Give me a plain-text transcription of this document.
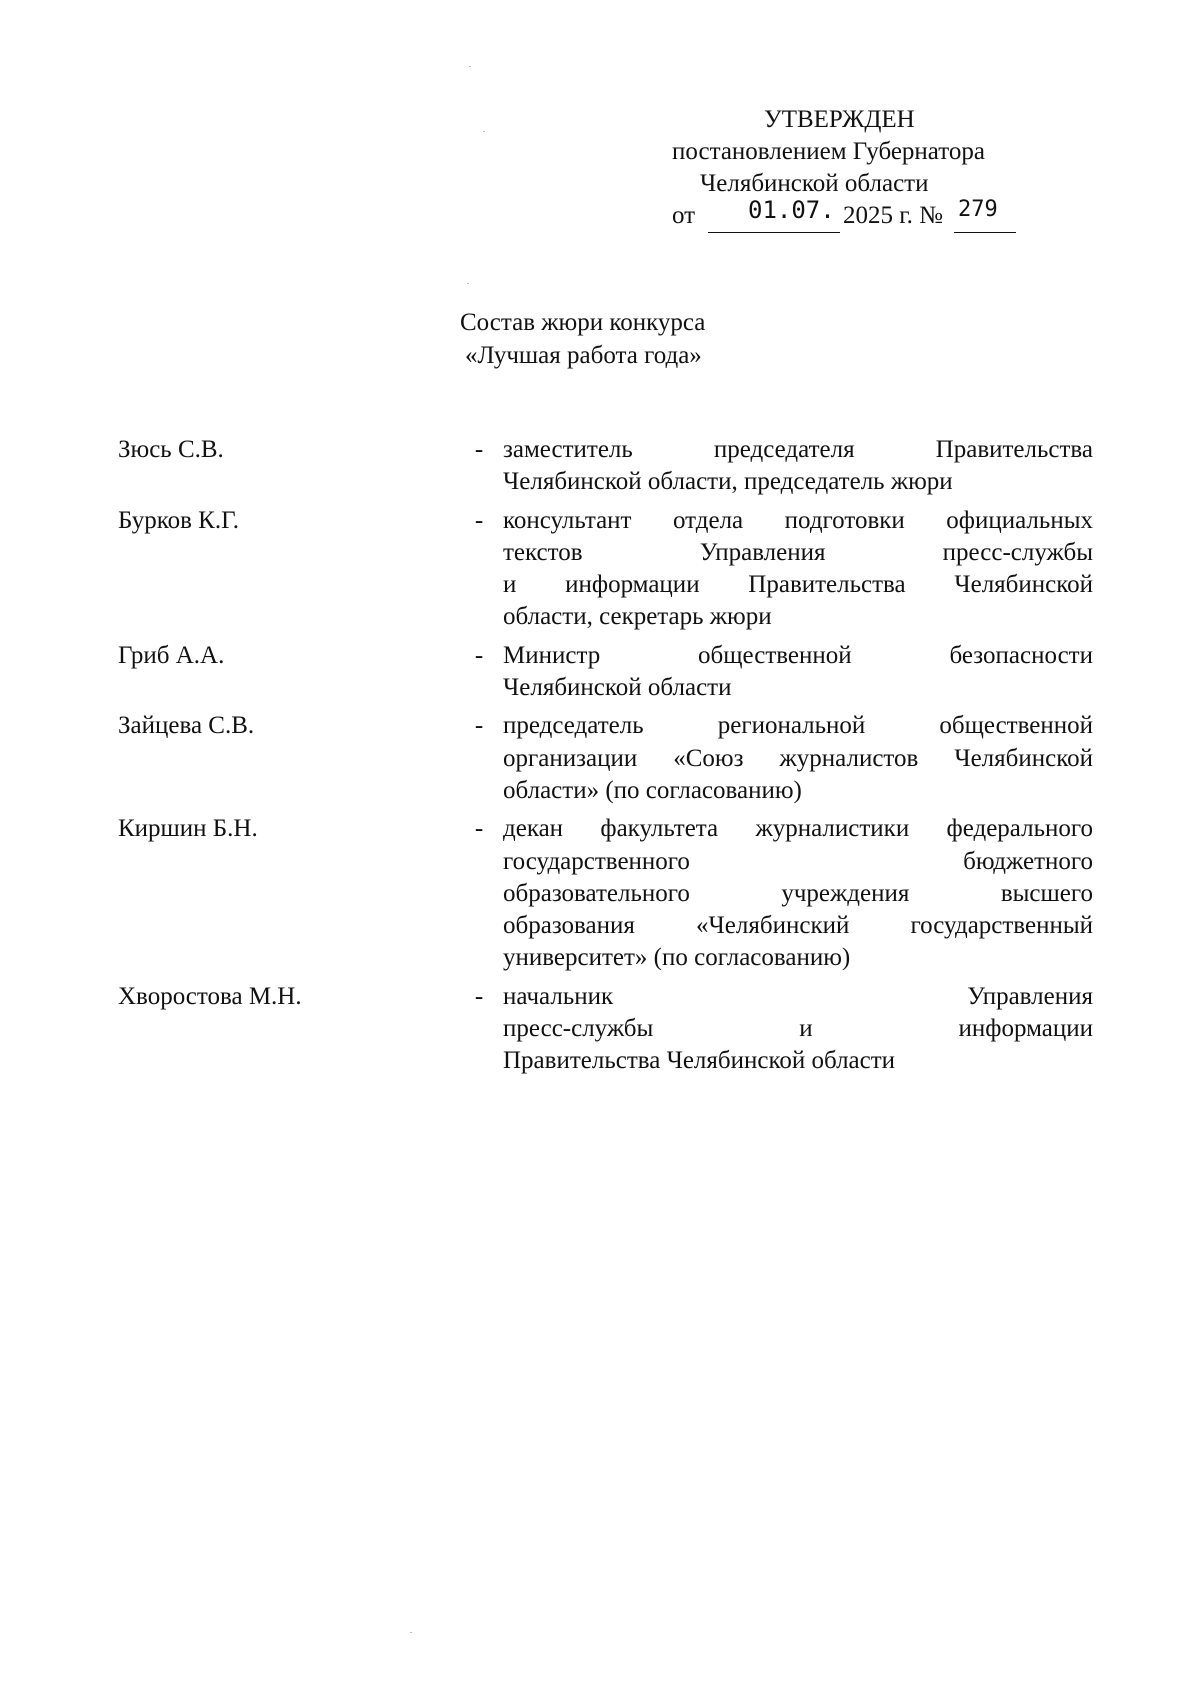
УТВЕРЖДЕН
постановлением Губернатора
Челябинской области
от 01.07. 2025 г. № 279
Состав жюри конкурса
«Лучшая работа года»
Зюсь С.В.	- заместитель председателя Правительства
Челябинской области, председатель жюри
Бурков К.Г.	- консультант отдела подготовки официальных
текстов Управления пресс-службы
и информации Правительства Челябинской
области, секретарь жюри
Гриб А.А.	- Министр общественной безопасности
Челябинской области
Зайцева С.В.	- председатель региональной общественной
организации «Союз журналистов Челябинской
области» (по согласованию)
Киршин Б.Н.	- декан факультета журналистики федерального
государственного бюджетного
образовательного учреждения высшего
образования «Челябинский государственный
университет» (по согласованию)
Хворостова М.Н.	- начальник Управления
пресс-службы и информации
Правительства Челябинской области
